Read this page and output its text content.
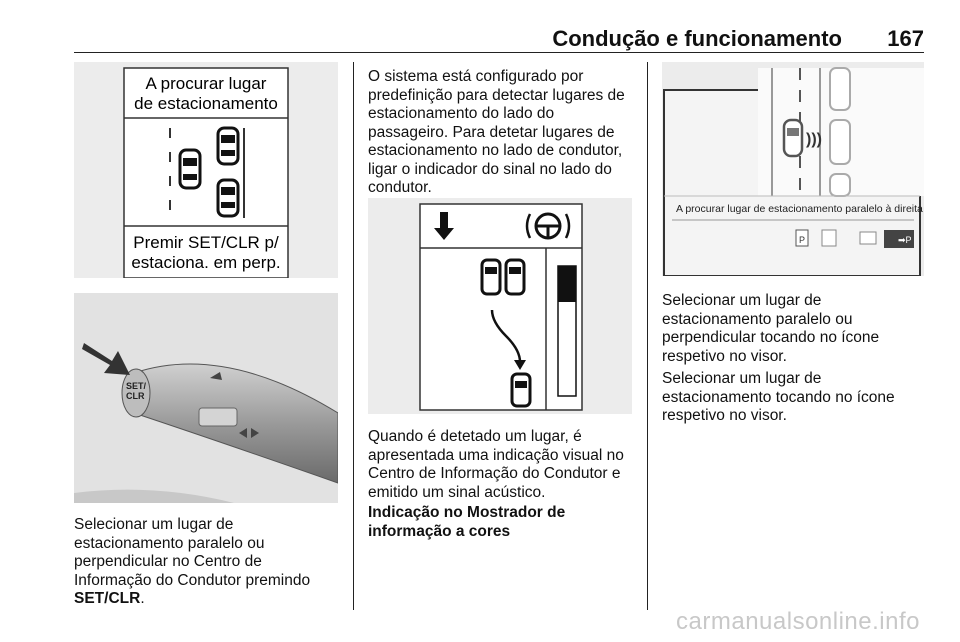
Condução e funcionamento 167
A procurar lugar
de estacionamento
Premir SET/CLR p/
estaciona. em perp.
SET/
CLR

Selecionar um lugar de estacionamento paralelo ou perpendicular no Centro de Informação do Condutor premindo SET/CLR.

O sistema está configurado por predefinição para detectar lugares de estacionamento do lado do passageiro. Para detetar lugares de estacionamento no lado de condutor, ligar o indicador do sinal no lado do condutor.

Quando é detetado um lugar, é apresentada uma indicação visual no Centro de Informação do Condutor e emitido um sinal acústico.

Indicação no Mostrador de informação a cores

)))
A procurar lugar de estacionamento paralelo à direita
P	➡P

Selecionar um lugar de estacionamento paralelo ou perpendicular tocando no ícone respetivo no visor.

Selecionar um lugar de estacionamento tocando no ícone respetivo no visor.

carmanualsonline.info
